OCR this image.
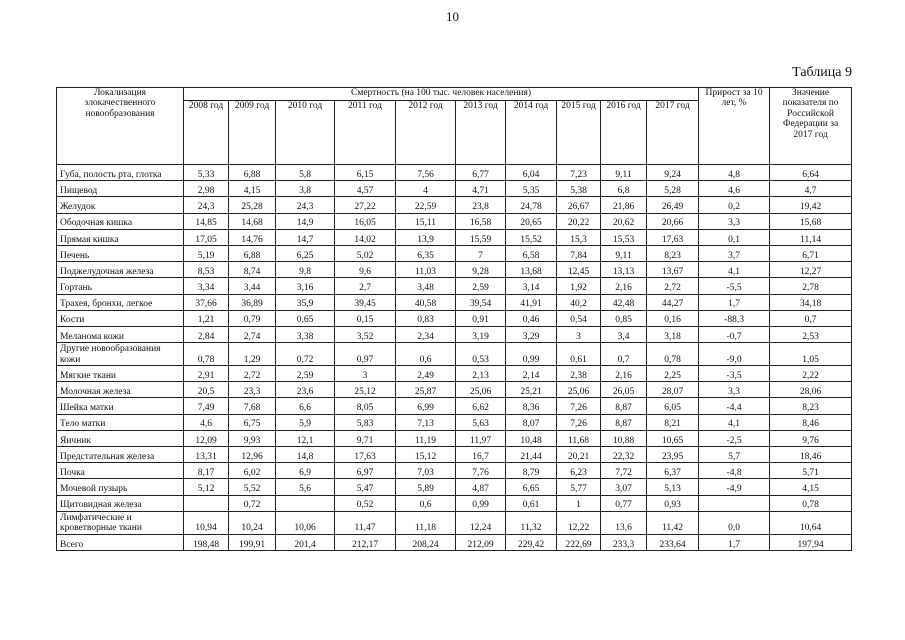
10
Таблица 9
Локализация злокачественного новообразования	Смертность (на 100 тыс. человек населения)										Прирост за 10 лет, %	Значение показателя по Российской Федерации за 2017 год
	2008 год	2009 год	2010 год	2011 год	2012 год	2013 год	2014 год	2015 год	2016 год	2017 год		
Губа, полость рта, глотка	5,33	6,88	5,8	6,15	7,56	6,77	6,04	7,23	9,11	9,24	4,8	6,64
Пищевод	2,98	4,15	3,8	4,57	4	4,71	5,35	5,38	6,8	5,28	4,6	4,7
Желудок	24,3	25,28	24,3	27,22	22,59	23,8	24,78	26,67	21,86	26,49	0,2	19,42
Ободочная кишка	14,85	14,68	14,9	16,05	15,11	16,58	20,65	20,22	20,62	20,66	3,3	15,68
Прямая кишка	17,05	14,76	14,7	14,02	13,9	15,59	15,52	15,3	15,53	17,63	0,1	11,14
Печень	5,19	6,88	6,25	5,02	6,35	7	6,58	7,84	9,11	8,23	3,7	6,71
Поджелудочная железа	8,53	8,74	9,8	9,6	11,03	9,28	13,68	12,45	13,13	13,67	4,1	12,27
Гортань	3,34	3,44	3,16	2,7	3,48	2,59	3,14	1,92	2,16	2,72	-5,5	2,78
Трахея, бронхи, легкое	37,66	36,89	35,9	39,45	40,58	39,54	41,91	40,2	42,48	44,27	1,7	34,18
Кости	1,21	0,79	0,65	0,15	0,83	0,91	0,46	0,54	0,85	0,16	-88,3	0,7
Меланома кожи	2,84	2,74	3,38	3,52	2,34	3,19	3,29	3	3,4	3,18	-0,7	2,53
Другие новообразования кожи	0,78	1,29	0,72	0,97	0,6	0,53	0,99	0,61	0,7	0,78	-9,0	1,05
Мягкие ткани	2,91	2,72	2,59	3	2,49	2,13	2,14	2,38	2,16	2,25	-3,5	2,22
Молочная железа	20,5	23,3	23,6	25,12	25,87	25,06	25,21	25,06	26,05	28,07	3,3	28,06
Шейка матки	7,49	7,68	6,6	8,05	6,99	6,62	8,36	7,26	8,87	6,05	-4,4	8,23
Тело матки	4,6	6,75	5,9	5,83	7,13	5,63	8,07	7,26	8,87	8,21	4,1	8,46
Яичник	12,09	9,93	12,1	9,71	11,19	11,97	10,48	11,68	10,88	10,65	-2,5	9,76
Предстательная железа	13,31	12,96	14,8	17,63	15,12	16,7	21,44	20,21	22,32	23,95	5,7	18,46
Почка	8,17	6,02	6,9	6,97	7,03	7,76	8,79	6,23	7,72	6,37	-4,8	5,71
Мочевой пузырь	5,12	5,52	5,6	5,47	5,89	4,87	6,65	5,77	3,07	5,13	-4,9	4,15
Щитовидная железа		0,72		0,52	0,6	0,99	0,61	1	0,77	0,93		0,78
Лимфатические и кроветворные ткани	10,94	10,24	10,06	11,47	11,18	12,24	11,32	12,22	13,6	11,42	0,0	10,64
Всего	198,48	199,91	201,4	212,17	208,24	212,09	229,42	222,69	233,3	233,64	1,7	197,94
